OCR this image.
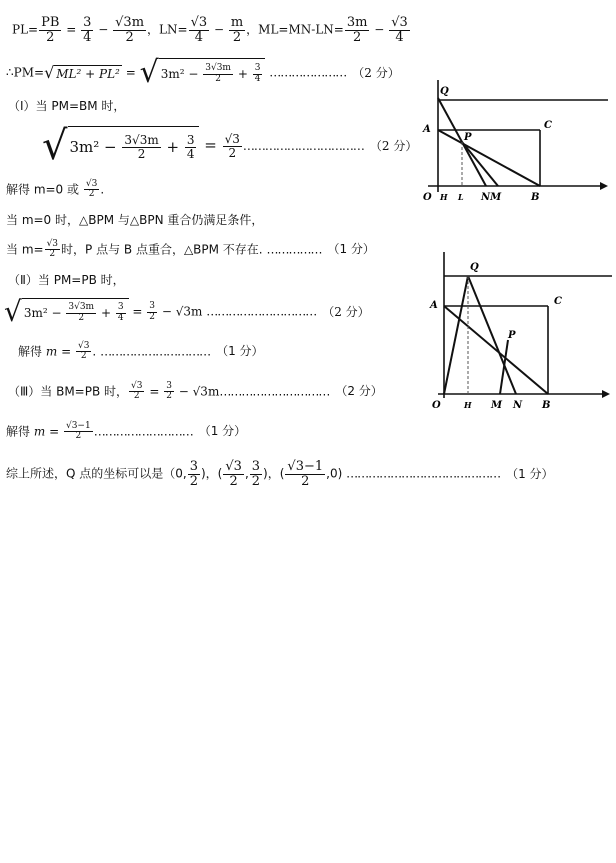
$PL= \frac{PB}{2} = \frac{3}{4} - \frac{√3m}{2}$ ，$LN= \frac{√3}{4} - \frac{m}{2}$ ，$ML=MN-LN= \frac{3m}{2} - \frac{√3}{4}$
∴PM= √ ML² + PL² = √ 3m² −
$\frac{3√3m}{2}$
+
$\frac{3}{4}$ ………………… （2 分）
（Ⅰ）当 PM=BM 时，
√ 3m² −
$\frac{3√3m}{2}$
+
$\frac{3}{4} = \frac{√3}{2}$ …………………………… （2 分）
解得 m=0 或 $\frac{√3}{2}$ .
当 m=0 时，△BPM 与△BPN 重合仍满足条件，
当 $m= \frac{√3}{2}$ 时，P 点与 B 点重合，△BPM 不存在. …………… （1 分）
（Ⅱ）当 PM=PB 时，
√ 3m² −
$\frac{3√3m}{2}$
+
$\frac{3}{4} = \frac{3}{2} - √3m$ ………………………… （2 分）
解得 $m = \frac{√3}{2}$ . ………………………… （1 分）
（Ⅲ）当 BM=PB 时， $\frac{√3}{2} = \frac{3}{2}$ − √3m………………………… （2 分）
解得 $m = \frac{√3-1}{2}$ ……………………… （1 分）
综上所述，Q 点的坐标可以是（0, $\frac{3}{2}$ )，( $\frac{√3}{2}$ , $\frac{3}{2}$ )，( $\frac{√3-1}{2} ,0$) …………………………………… （1 分）
Q
A	C
P
O H L NM	B
Q
A	C
P
O	H M N B
